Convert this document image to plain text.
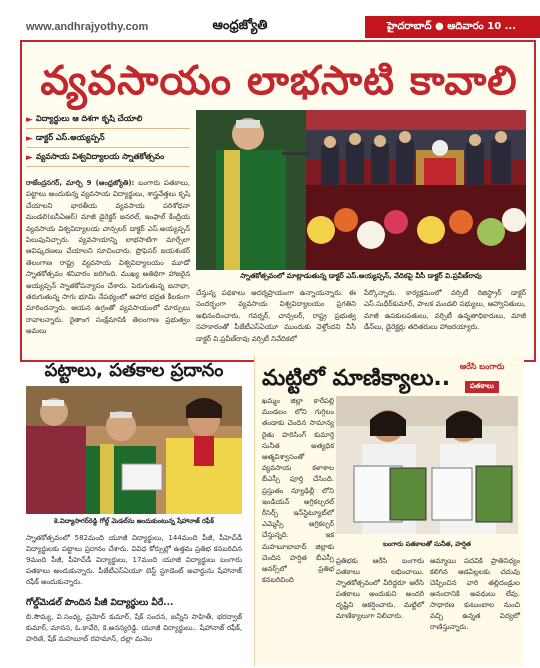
www.andhrajyothy.com	ఆంధ్రజ్యోతి	హైదరాబాద్ ● ఆదివారం 10 ...
వ్యవసాయం లాభసాటి కావాలి
► విద్యార్థులు ఆ దిశగా కృషి చేయాలి
► డాక్టర్ ఎస్.అయ్యప్పన్
► వ్యవసాయ విశ్వవిద్యాలయ స్నాతకోత్సవం
రాజేంద్రనగర్, మార్చి 9 (ఆంధ్రజ్యోతి): బంగారు పతకాలు, పట్టాలు అందుకున్న వ్యవసాయ విద్యార్థులు, శాస్త్రవేత్తలు కృషి చేయాలని భారతీయ వ్యవసాయ పరిశోధనా మండలి(ఐసీఏఆర్) మాజీ డైరెక్టర్ జనరల్, ఇంఫాల్ కేంద్రీయ వ్యవసాయ విశ్వవిద్యాలయ చాన్సలర్ డాక్టర్ ఎస్.అయ్యప్పన్ పిలుపునిచ్చారు. వ్యవసాయాన్ని లాభసాటిగా మార్చేలా ఆవిష్కరణలు చేయాలని సూచించారు. ప్రొఫెసర్ జయశంకర్ తెలంగాణ రాష్ట్ర వ్యవసాయ విశ్వవిద్యాలయం మూడో స్నాతకోత్సవం శనివారం జరిగింది. ముఖ్య అతిథిగా హాజరైన అయ్యప్పన్ స్నాతకోపన్యాసం చేశారు. పెరుగుతున్న జనాభా, తరుగుతున్న సాగు భూమి నేపథ్యంలో ఆహార భద్రత కీలకంగా మారిందన్నారు. ఆయన ఉగ్రంతో వ్యవసాయంలో మార్పులు రావాలన్నారు. రైతాంగ సంక్షేమానికి తెలంగాణ ప్రభుత్వం అమలు
స్నాతకోత్సవంలో మాట్లాడుతున్న డాక్టర్ ఎస్.అయ్యప్పన్, వేదికపై వీసీ డాక్టర్ వి.ప్రవీణ్‌రావు
చేస్తున్న పథకాలు ఆదర్శప్రాయంగా ఉన్నాయన్నారు. ఈ సందర్భంగా వ్యవసాయ విశ్వవిద్యాలయం ప్రగతిని అభినందించారు. గవర్నర్, చాన్సలర్, రాష్ట్ర ప్రభుత్వ సహకారంతో పీజేటీఎస్ఏయూ ముందుకు వెళ్తోందని వీసీ డాక్టర్ వి.ప్రవీణ్‌రావు వర్సిటీ నివేదికలో
పేర్కొన్నారు. కార్యక్రమంలో వర్సిటీ రిజిస్ట్రార్ డాక్టర్ ఎస్.సుధీర్‌కుమార్, పాలక మండలి సభ్యులు, ఆహ్వానితులు, మాజీ ఉపకులపతులు, వర్సిటీ ఉన్నతాధికారులు, మాజీ డీన్‌లు, డైరెక్టర్లు తదితరులు హాజరయ్యారు.
పట్టాలు, పతకాల ప్రదానం
కె.విద్యాసాగర్‌రెడ్డి గోల్డ్ మెడల్‌ను అందుకుంటున్న షేహానాజ్ రఫీక్
స్నాతకోత్సవంలో 582మంది యూజీ విద్యార్థులు, 144మంది పీజీ, పీహెచ్‌డీ విద్యార్థులకు పట్టాలు ప్రదానం చేశారు. వివిధ కోర్సుల్లో ఉత్తమ ప్రతిభ కనబరిచిన 9మంది పీజీ, పీహెచ్‌డీ విద్యార్థులు, 17మంది యూజీ విద్యార్థులు బంగారు పతకాలు అందుకున్నారు. పీజేటీఎస్ఏయూ బెస్ట్ స్టూడెంట్ అవార్డును షేహానాజ్ రఫీక్ అందుకున్నారు.
గోల్డ్‌మెడల్ పొందిన పీజీ విద్యార్థులు వీరే...
బి.సౌమ్య, వి.సంధ్య, ప్రమోద్ కుమార్, షేక్ సందన, జన్నీని సాహితీ, భరద్వాజ్ కుమార్, మానస, ఓ.కావేరి, కె.అనన్యరెడ్డి. యూజీ విద్యార్థులు.. షేహానాజ్ రఫీక్, హరిణి, షేక్ మహబూబ్ రహమాన్, దల్లా మనెల
మట్టిలో మాణిక్యాలు..	ఆరేసి బంగారు
పతకాలు
ఖమ్మం జిల్లా కారేపల్లి మండలం లోని గుగ్గిలం తండాకు చెందిన సామాన్య రైతు హరిసింగ్ కుమార్తె సునీత అత్యధిక ఆత్మవిశ్వాసంతో వ్యవసాయ కళాశాల బీఎస్సీ పూర్తి చేసింది. ప్రస్తుతం న్యూఢిల్లీ లోని ఇండియన్ అగ్రికల్చరల్ రీసెర్చ్ ఇన్‌స్టిట్యూట్‌లో ఎమ్మెస్సీ అగ్రికల్చర్ చేస్తున్నది. ఇక మహబూబాబాద్ జిల్లాకు చెందిన హర్షిత బీఎస్సీ ఆనర్స్‌లో ప్రతిభ కనబరిచింది
బంగారు పతకాలతో సునీత, హర్షిత
ప్రతిభకు ఆరేసి బంగారు పతకాలు లభించాయి. స్నాతకోత్సవంలో వీరిద్దరూ ఆరేసి పతకాలు అందుకుని అందరి దృష్టిని ఆకర్షించారు. మట్టిలో మాణిక్యాలుగా నిలిచారు.
ఆమ్మాయి పదవికి ప్రాతినిధ్యం కలిగిన ఆడపిల్లలకు చదువు చెప్పించిన వారి తల్లిదండ్రుల ఆనందానికి అవధులు లేవు. సాధారణ కుటుంబాల నుంచి వచ్చి ఉన్నత విద్యలో రాణిస్తున్నారు.
